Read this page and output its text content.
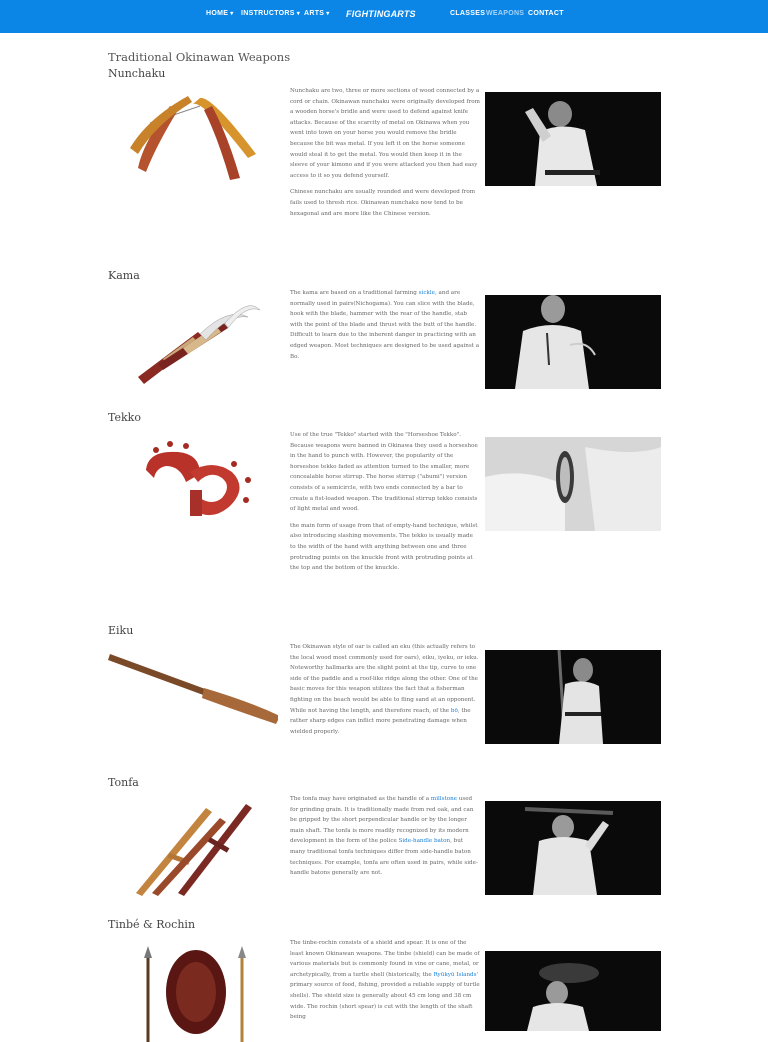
HOME ▾ INSTRUCTORS ▾ ARTS ▾ FIGHTINGARTS	CLASSES WEAPONS CONTACT
Traditional Okinawan Weapons
Nunchaku

Nunchaku are two, three or more sections of wood connected by a cord or chain. Okinawan nunchaku were originally developed from a wooden horse's bridle and were used to defend against knife attacks. Because of the scarcity of metal on Okinawa when you went into town on your horse you would remove the bridle because the bit was metal. If you left it on the horse someone would steal it to get the metal. You would then keep it in the sleeve of your kimono and if you were attacked you then had easy access to it so you defend yourself.

Chinese nunchaku are usually rounded and were developed from fails used to thresh rice. Okinawan nunchaku now tend to be hexagonal and are more like the Chinese version.

Kama

The kama are based on a traditional farming sickle, and are normally used in pairs(Nichogama). You can slice with the blade, hook with the blade, hammer with the rear of the handle, stab with the point of the blade and thrust with the butt of the handle. Difficult to learn due to the inherent danger in practicing with an edged weapon. Most techniques are designed to be used against a Bo.

Tekko

Use of the true "Tekko" started with the "Horseshoe Tekko". Because weapons were banned in Okinawa they used a horseshoe in the hand to punch with. However, the popularity of the horseshoe tekko faded as attention turned to the smaller, more concealable horse stirrup. The horse stirrup ("abumi") version consists of a semicircle, with two ends connected by a bar to create a fist-loaded weapon. The traditional stirrup tekko consists of light metal and wood.

the main form of usage from that of empty-hand technique, whilst also introducing slashing movements. The tekko is usually made to the width of the hand with anything between one and three protruding points on the knuckle front with protruding points at the top and the bottom of the knuckle.

Eiku

The Okinawan style of oar is called an eku (this actually refers to the local wood most commonly used for oars), eiku, iyeku, or ieku. Noteworthy hallmarks are the slight point at the tip, curve to one side of the paddle and a roof-like ridge along the other. One of the basic moves for this weapon utilizes the fact that a fisherman fighting on the beach would be able to fling sand at an opponent. While not having the length, and therefore reach, of the bō, the rather sharp edges can inflict more penetrating damage when wielded properly.

Tonfa

The tonfa may have originated as the handle of a millstone used for grinding grain. It is traditionally made from red oak, and can be gripped by the short perpendicular handle or by the longer main shaft. The tonfa is more readily recognized by its modern development in the form of the police Side-handle baton, but many traditional tonfa techniques differ from side-handle baton techniques. For example, tonfa are often used in pairs, while side-handle batons generally are not.

Tinbé & Rochin

The tinbe-rochin consists of a shield and spear. It is one of the least known Okinawan weapons. The tinbe (shield) can be made of various materials but is commonly found in vine or cane, metal, or archetypically, from a turtle shell (historically, the Ryūkyū Islands' primary source of food, fishing, provided a reliable supply of turtle shells). The shield size is generally about 45 cm long and 38 cm wide. The rochin (short spear) is cut with the length of the shaft being
